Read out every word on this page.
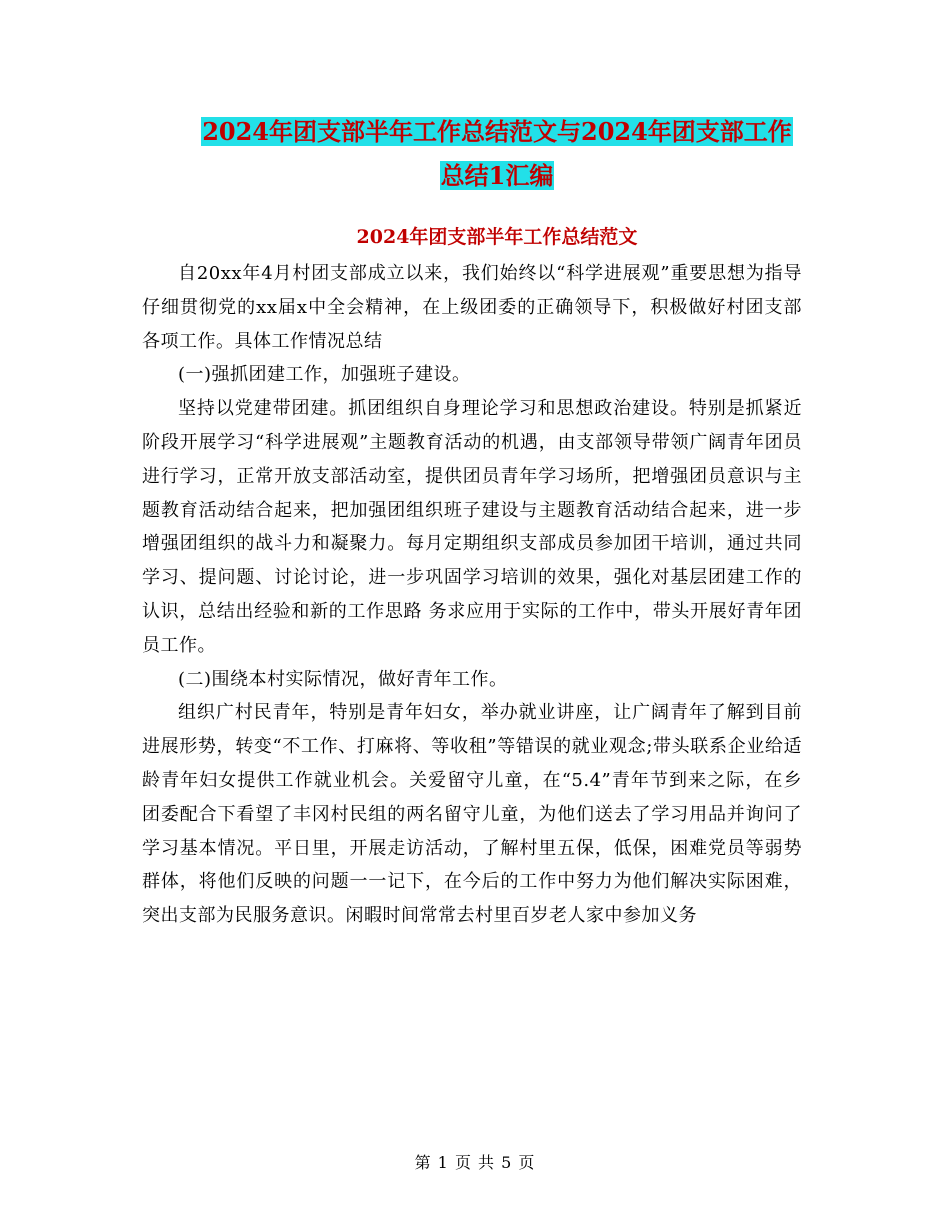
2024年团支部半年工作总结范文与2024年团支部工作
总结1汇编
2024年团支部半年工作总结范文

自20xx年4月村团支部成立以来，我们始终以“科学进展观”重要思想为指导 仔细贯彻党的xx届x中全会精神，在上级团委的正确领导下，积极做好村团支部各项工作。具体工作情况总结

(一)强抓团建工作，加强班子建设。

坚持以党建带团建。抓团组织自身理论学习和思想政治建设。特别是抓紧近阶段开展学习“科学进展观”主题教育活动的机遇，由支部领导带领广阔青年团员进行学习，正常开放支部活动室，提供团员青年学习场所，把增强团员意识与主题教育活动结合起来，把加强团组织班子建设与主题教育活动结合起来，进一步增强团组织的战斗力和凝聚力。每月定期组织支部成员参加团干培训，通过共同学习、提问题、讨论讨论，进一步巩固学习培训的效果，强化对基层团建工作的认识，总结出经验和新的工作思路 务求应用于实际的工作中，带头开展好青年团员工作。

(二)围绕本村实际情况，做好青年工作。

组织广村民青年，特别是青年妇女，举办就业讲座，让广阔青年了解到目前进展形势，转变“不工作、打麻将、等收租”等错误的就业观念;带头联系企业给适龄青年妇女提供工作就业机会。关爱留守儿童，在“5.4”青年节到来之际，在乡团委配合下看望了丰冈村民组的两名留守儿童，为他们送去了学习用品并询问了学习基本情况。平日里，开展走访活动，了解村里五保，低保，困难党员等弱势群体，将他们反映的问题一一记下，在今后的工作中努力为他们解决实际困难，突出支部为民服务意识。闲暇时间常常去村里百岁老人家中参加义务

第 1 页 共 5 页
